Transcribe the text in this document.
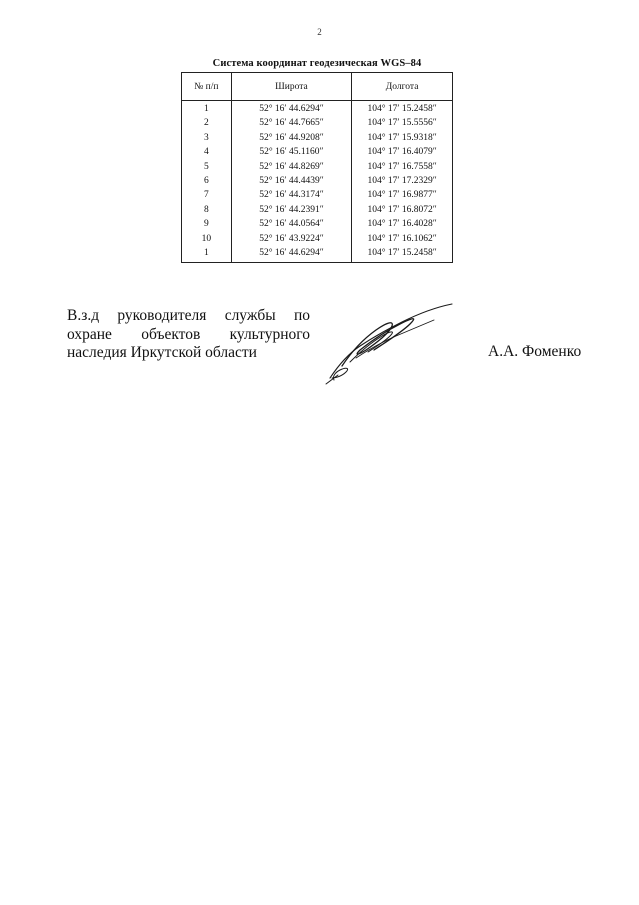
2
Система координат геодезическая WGS–84
№ п/п	Широта	Долгота
1	52° 16′ 44.6294″	104° 17′ 15.2458″
2	52° 16′ 44.7665″	104° 17′ 15.5556″
3	52° 16′ 44.9208″	104° 17′ 15.9318″
4	52° 16′ 45.1160″	104° 17′ 16.4079″
5	52° 16′ 44.8269″	104° 17′ 16.7558″
6	52° 16′ 44.4439″	104° 17′ 17.2329″
7	52° 16′ 44.3174″	104° 17′ 16.9877″
8	52° 16′ 44.2391″	104° 17′ 16.8072″
9	52° 16′ 44.0564″	104° 17′ 16.4028″
10	52° 16′ 43.9224″	104° 17′ 16.1062″
1	52° 16′ 44.6294″	104° 17′ 15.2458″
В.з.д руководителя службы по
охране объектов культурного
наследия Иркутской области	А.А. Фоменко
